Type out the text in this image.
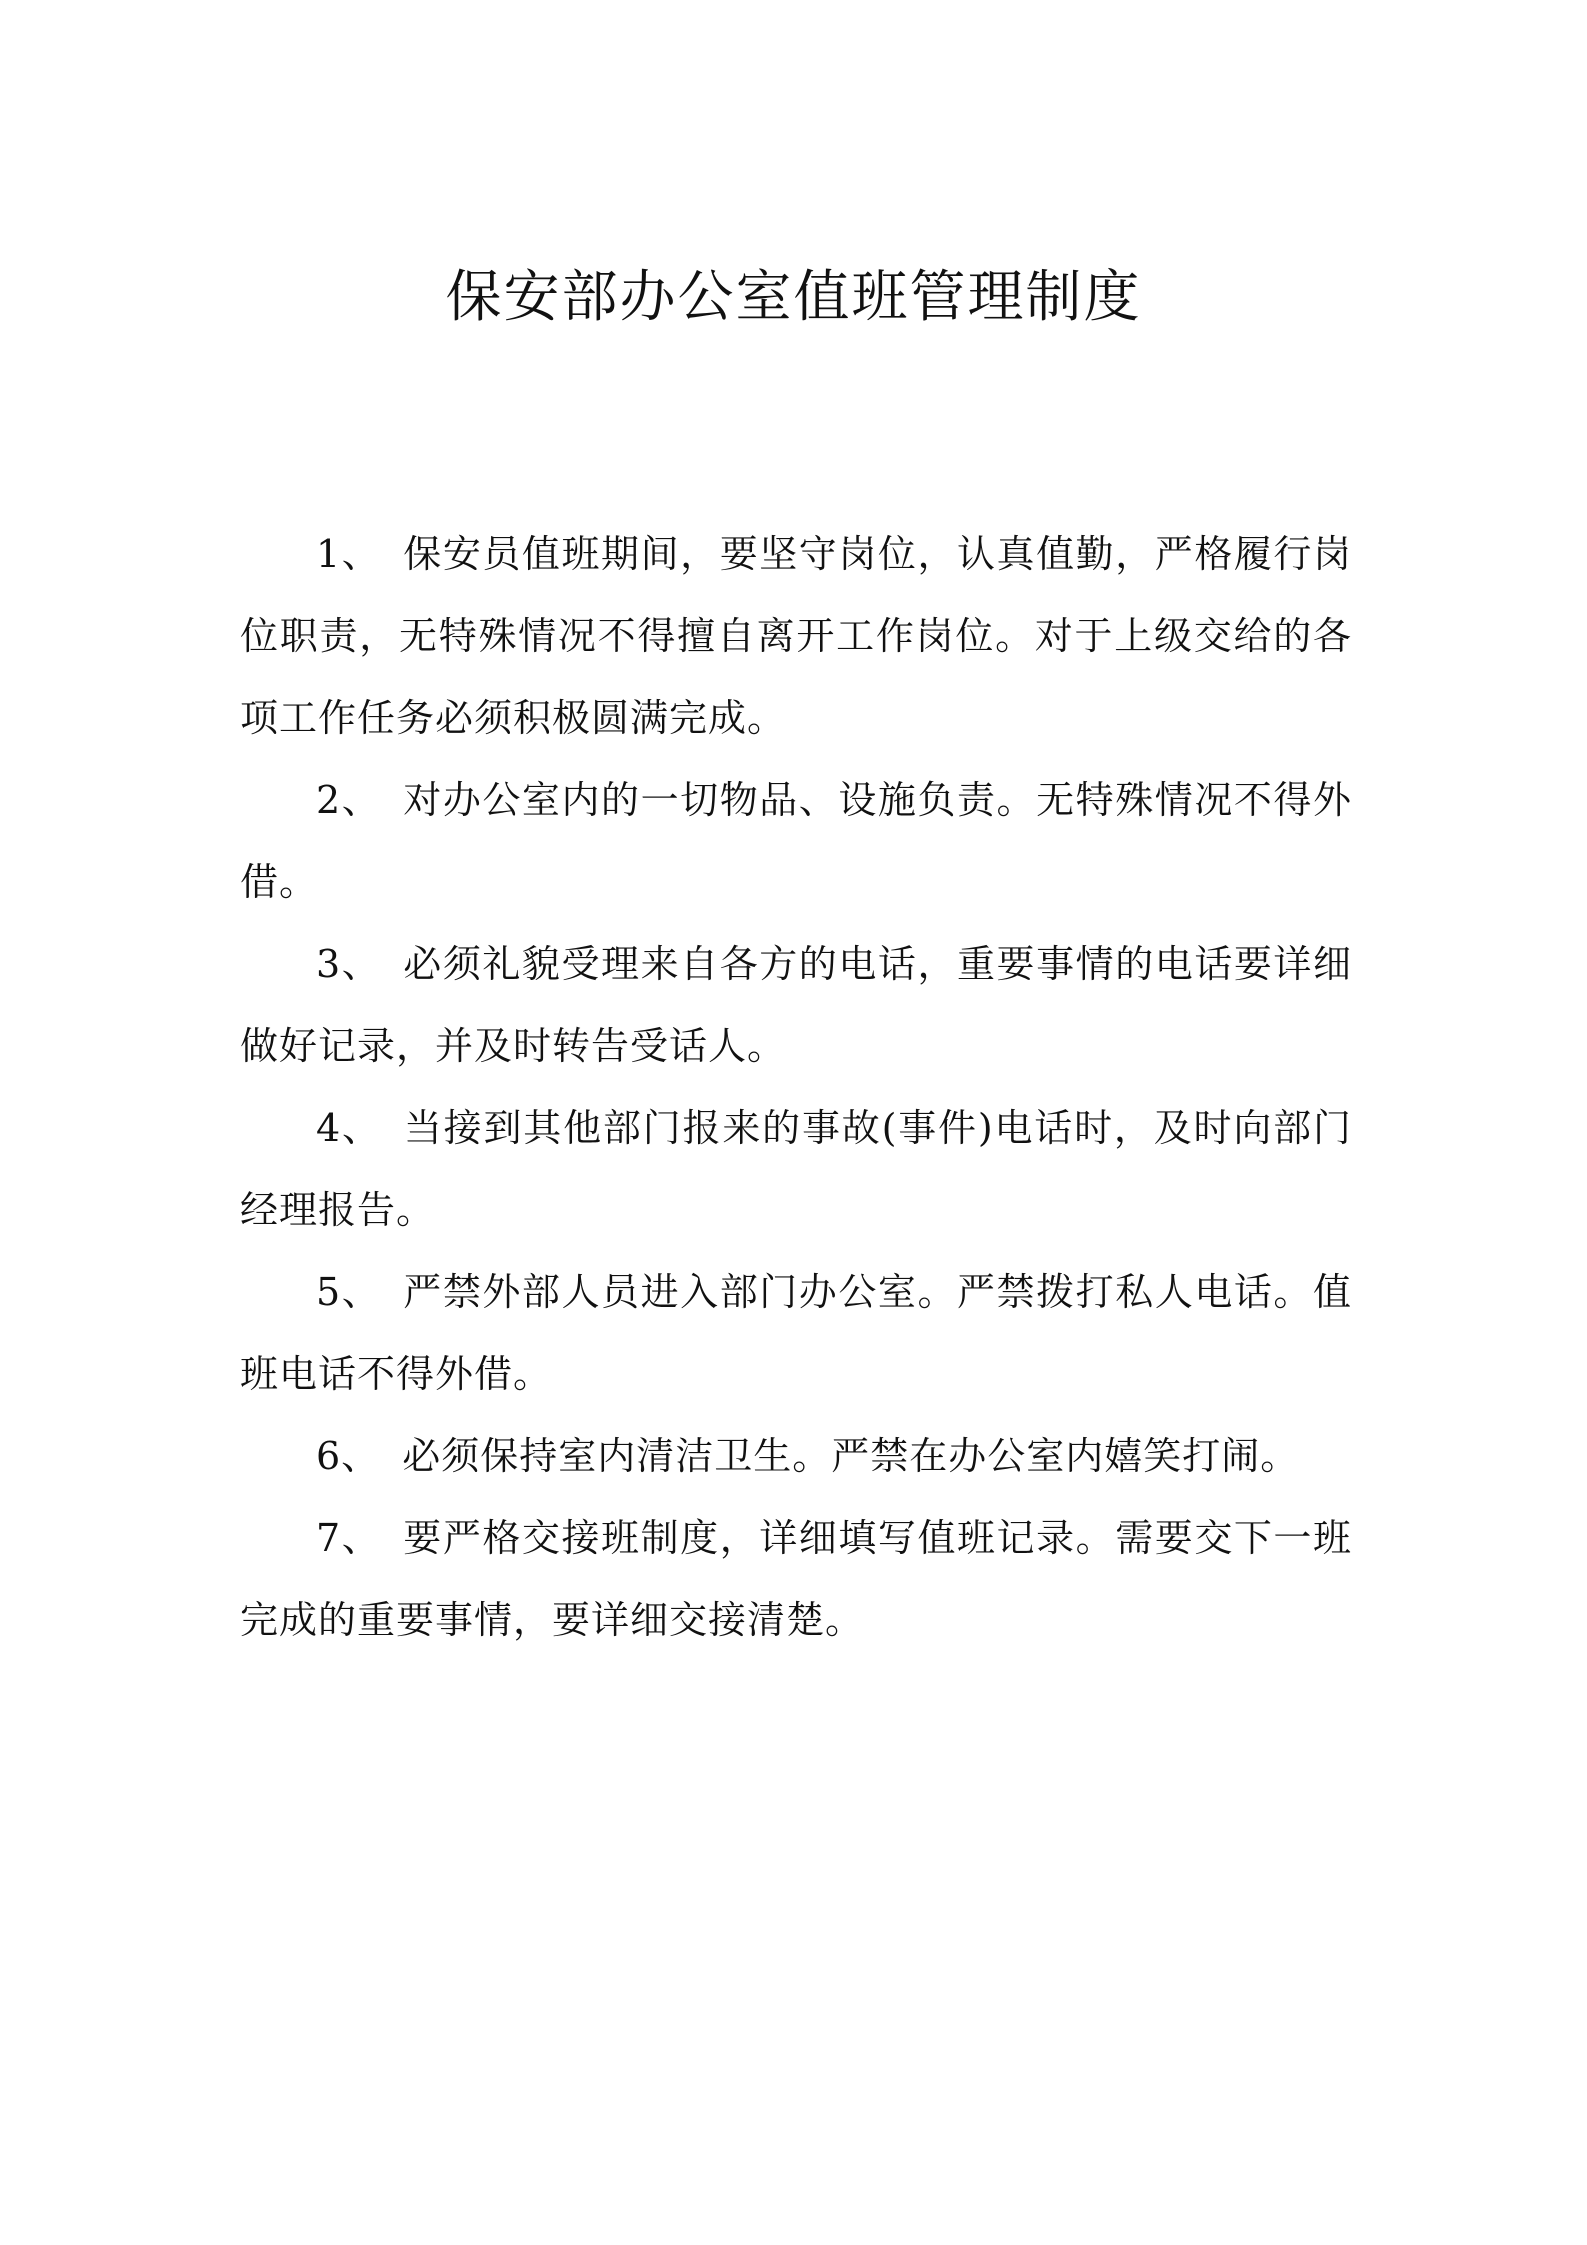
保安部办公室值班管理制度

1、 保安员值班期间，要坚守岗位，认真值勤，严格履行岗位职责，无特殊情况不得擅自离开工作岗位。对于上级交给的各项工作任务必须积极圆满完成。

2、 对办公室内的一切物品、设施负责。无特殊情况不得外借。

3、 必须礼貌受理来自各方的电话，重要事情的电话要详细做好记录，并及时转告受话人。

4、 当接到其他部门报来的事故(事件)电话时，及时向部门经理报告。

5、 严禁外部人员进入部门办公室。严禁拨打私人电话。值班电话不得外借。

6、 必须保持室内清洁卫生。严禁在办公室内嬉笑打闹。

7、 要严格交接班制度，详细填写值班记录。需要交下一班完成的重要事情，要详细交接清楚。
